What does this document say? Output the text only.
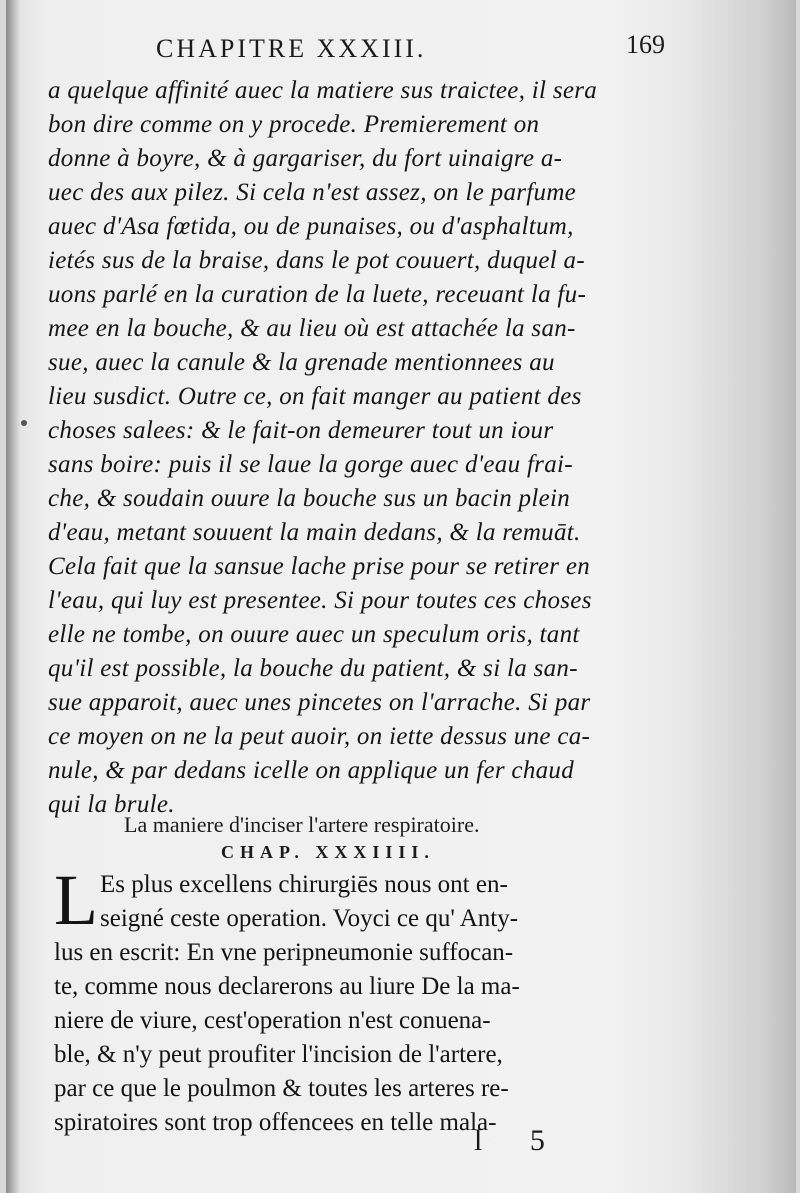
CHAPITRE XXXIII.	169
a quelque affinité auec la matiere sus traictee, il sera
bon dire comme on y procede. Premierement on
donne à boyre, & à gargariser, du fort uinaigre a-
uec des aux pilez. Si cela n'est assez, on le parfume
auec d'Asa fœtida, ou de punaises, ou d'asphaltum,
ietés sus de la braise, dans le pot couuert, duquel a-
uons parlé en la curation de la luete, receuant la fu-
mee en la bouche, & au lieu où est attachée la san-
sue, auec la canule & la grenade mentionnees au
lieu susdict. Outre ce, on fait manger au patient des
choses salees: & le fait-on demeurer tout un iour
sans boire: puis il se laue la gorge auec d'eau frai-
che, & soudain ouure la bouche sus un bacin plein
d'eau, metant souuent la main dedans, & la remuāt.
Cela fait que la sansue lache prise pour se retirer en
l'eau, qui luy est presentee. Si pour toutes ces choses
elle ne tombe, on ouure auec un speculum oris, tant
qu'il est possible, la bouche du patient, & si la san-
sue apparoit, auec unes pincetes on l'arrache. Si par
ce moyen on ne la peut auoir, on iette dessus une ca-
nule, & par dedans icelle on applique un fer chaud
qui la brule.
La maniere d'inciser l'artere respiratoire.
CHAP. XXXIIII.
L Es plus excellens chirurgiēs nous ont en-
seigné ceste operation. Voyci ce qu' Anty-
lus en escrit: En vne peripneumonie suffocan-
te, comme nous declarerons au liure De la ma-
niere de viure, cest'operation n'est conuena-
ble, & n'y peut proufiter l'incision de l'artere,
par ce que le poulmon & toutes les arteres re-
spiratoires sont trop offencees en telle mala-
l 5
